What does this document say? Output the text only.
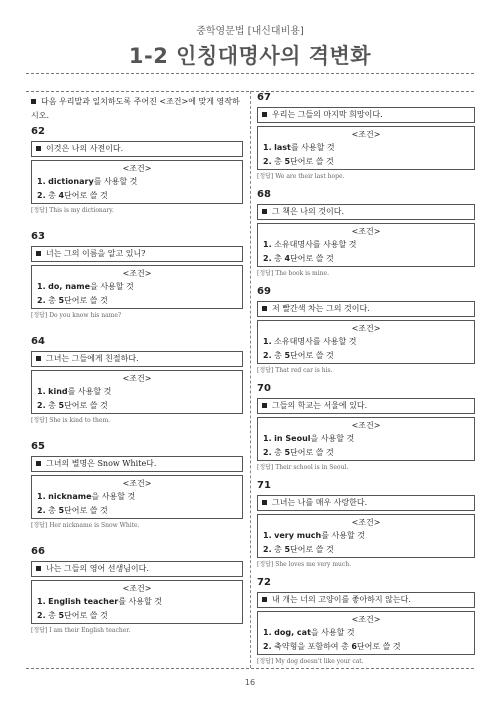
중학영문법 [내신대비용]
1-2 인칭대명사의 격변화
다음 우리말과 일치하도록 주어진 <조건>에 맞게 영작하시오.
62
이것은 나의 사전이다.
<조건>
1. dictionary를 사용할 것
2. 총 4단어로 쓸 것
[정답] This is my dictionary.
63
너는 그의 이름을 알고 있니?
<조건>
1. do, name을 사용할 것
2. 총 5단어로 쓸 것
[정답] Do you know his name?
64
그녀는 그들에게 친절하다.
<조건>
1. kind를 사용할 것
2. 총 5단어로 쓸 것
[정답] She is kind to them.
65
그녀의 별명은 Snow White다.
<조건>
1. nickname을 사용할 것
2. 총 5단어로 쓸 것
[정답] Her nickname is Snow White.
66
나는 그들의 영어 선생님이다.
<조건>
1. English teacher를 사용할 것
2. 총 5단어로 쓸 것
[정답] I am their English teacher.
67
우리는 그들의 마지막 희망이다.
<조건>
1. last를 사용할 것
2. 총 5단어로 쓸 것
[정답] We are their last hope.
68
그 책은 나의 것이다.
<조건>
1. 소유대명사를 사용할 것
2. 총 4단어로 쓸 것
[정답] The book is mine.
69
저 빨간색 차는 그의 것이다.
<조건>
1. 소유대명사를 사용할 것
2. 총 5단어로 쓸 것
[정답] That red car is his.
70
그들의 학교는 서울에 있다.
<조건>
1. in Seoul을 사용할 것
2. 총 5단어로 쓸 것
[정답] Their school is in Seoul.
71
그녀는 나를 매우 사랑한다.
<조건>
1. very much를 사용할 것
2. 총 5단어로 쓸 것
[정답] She loves me very much.
72
내 개는 너의 고양이를 좋아하지 않는다.
<조건>
1. dog, cat을 사용할 것
2. 축약형을 포함하여 총 6단어로 쓸 것
[정답] My dog doesn't like your cat.
16
